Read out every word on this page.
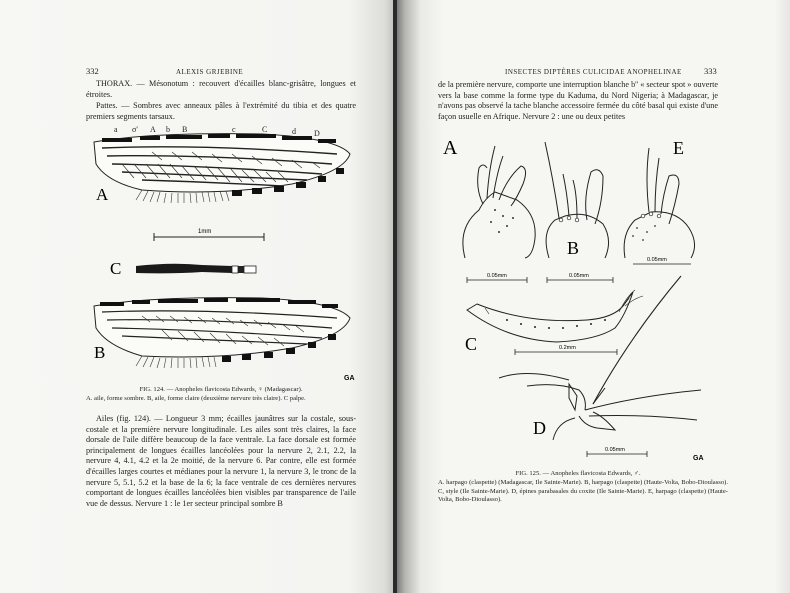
332	ALEXIS GRJEBINE
THORAX. — Mésonotum : recouvert d'écailles blanc-grisâtre, longues et étroites.
Pattes. — Sombres avec anneaux pâles à l'extrémité du tibia et des quatre premiers segments tarsaux.
a σ' A b B	c	C	d D
A
1mm
C
B
GA
FIG. 124. — Anopheles flavicosta Edwards, ♀ (Madagascar).
A. aile, forme sombre. B, aile, forme claire (deuxième nervure très claire). C palpe.
Ailes (fig. 124). — Longueur 3 mm; écailles jaunâtres sur la costale, sous-costale et la première nervure longitudinale. Les ailes sont très claires, la face dorsale de l'aile diffère beaucoup de la face ventrale. La face dorsale est formée principalement de longues écailles lancéolées pour la nervure 2, 2.1, 2.2, la nervure 4, 4.1, 4.2 et la 2e moitié, de la nervure 6. Par contre, elle est formée d'écailles larges courtes et médianes pour la nervure 1, la nervure 3, le tronc de la nervure 5, 5.1, 5.2 et la base de la 6; la face ventrale de ces dernières nervures comportant de longues écailles lancéolées bien visibles par transparence de l'aile vue de dessus. Nervure 1 : le 1er secteur principal sombre B
INSECTES DIPTÈRES CULICIDAE ANOPHELINAE	333
de la première nervure, comporte une interruption blanche b'' « secteur spot » ouverte vers la base comme la forme type du Kaduma, du Nord Nigeria; à Madagascar, je n'avons pas observé la tache blanche accessoire fermée du côté basal qui existe d'une façon usuelle en Afrique. Nervure 2 : une ou deux petites
A
0.05mm
B
0.05mm
E
0.05mm
C	0.2mm
D
0.05mm
GA
FIG. 125. — Anopheles flavicosta Edwards, ♂.
A. harpago (claspette) (Madagascar, Ile Sainte-Marie). B, harpago (claspette) (Haute-Volta, Bobo-Dioulasso). C, style (Ile Sainte-Marie). D, épines parabasales du coxite (Ile Sainte-Marie). E, harpago (claspette) (Haute-Volta, Bobo-Dioulasso).
